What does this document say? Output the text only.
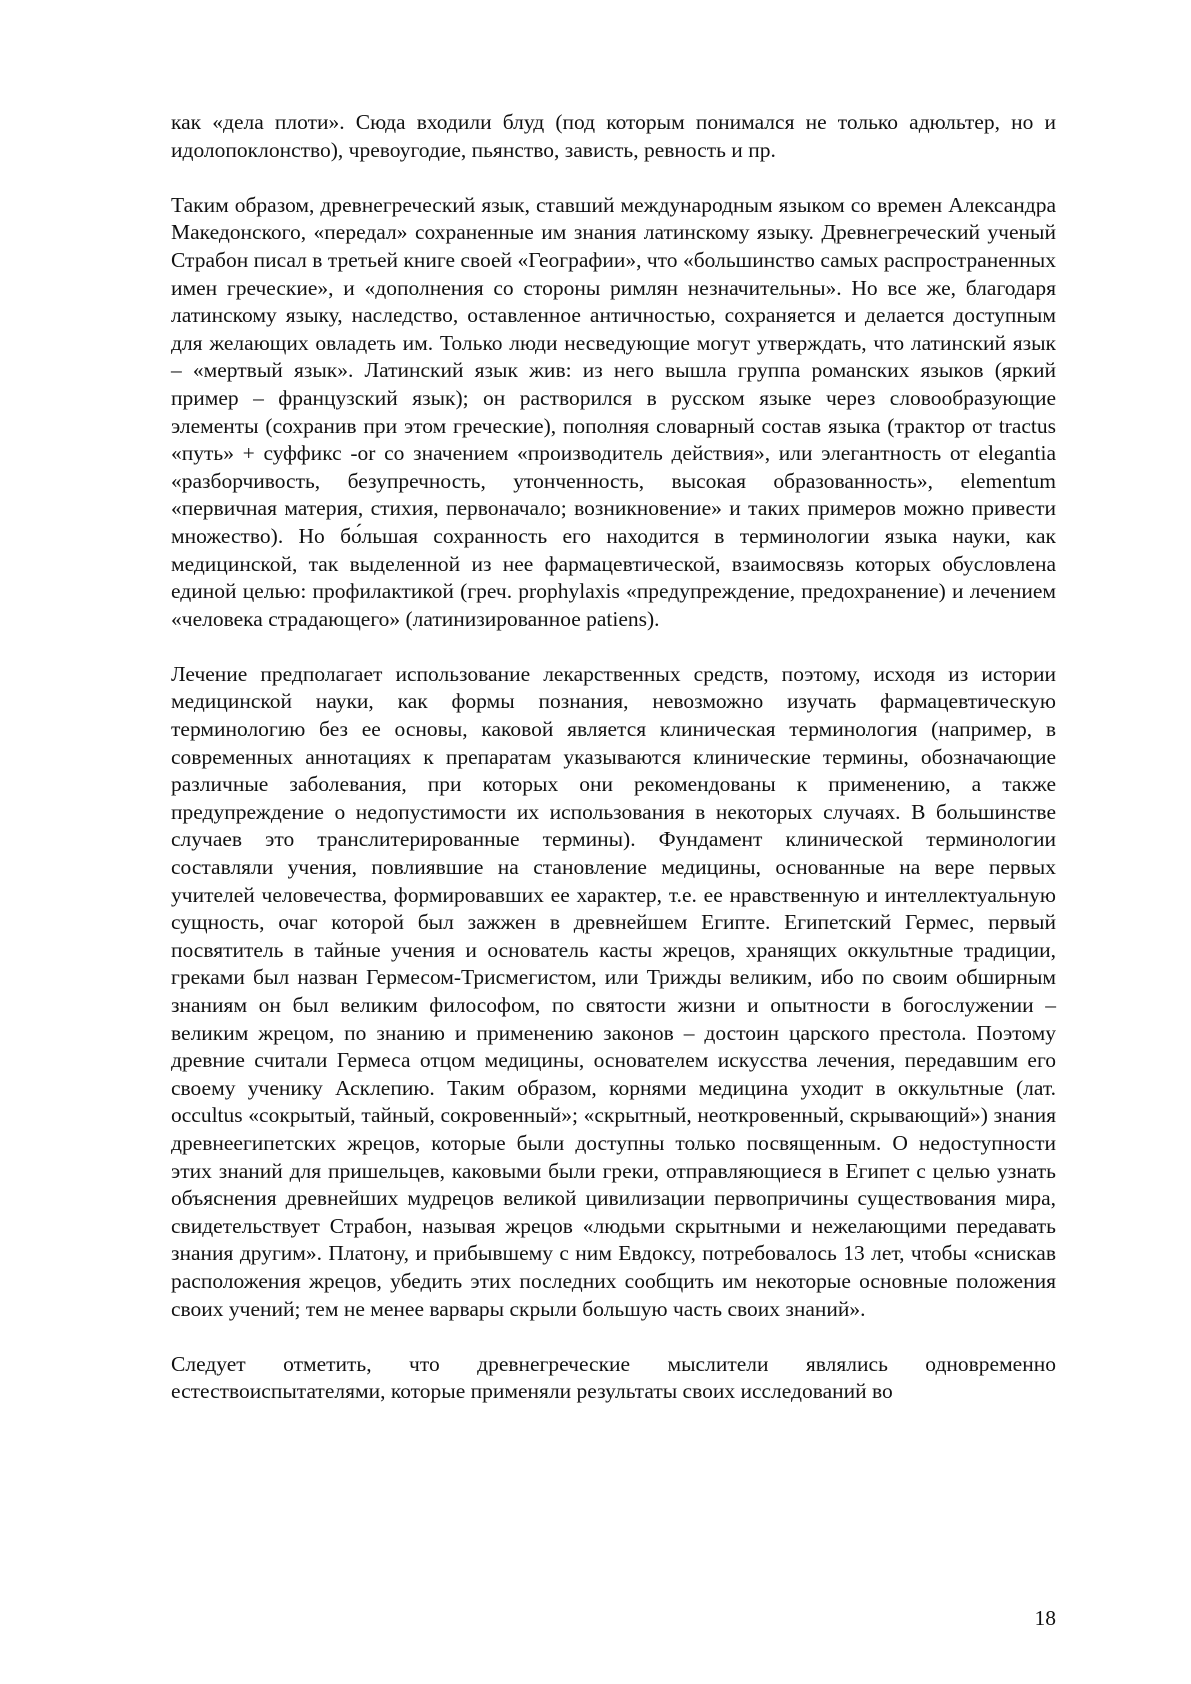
как «дела плоти». Сюда входили блуд (под которым понимался не только адюльтер, но и идолопоклонство), чревоугодие, пьянство, зависть, ревность и пр.

Таким образом, древнегреческий язык, ставший международным языком со времен Александра Македонского, «передал» сохраненные им знания латинскому языку. Древнегреческий ученый Страбон писал в третьей книге своей «Географии», что «большинство самых распространенных имен греческие», и «дополнения со стороны римлян незначительны». Но все же, благодаря латинскому языку, наследство, оставленное античностью, сохраняется и делается доступным для желающих овладеть им. Только люди несведующие могут утверждать, что латинский язык – «мертвый язык». Латинский язык жив: из него вышла группа романских языков (яркий пример – французский язык); он растворился в русском языке через словообразующие элементы (сохранив при этом греческие), пополняя словарный состав языка (трактор от tractus «путь» + суффикс -or со значением «производитель действия», или элегантность от elegantia «разборчивость, безупречность, утонченность, высокая образованность», elementum «первичная материя, стихия, первоначало; возникновение» и таких примеров можно привести множество). Но бо́льшая сохранность его находится в терминологии языка науки, как медицинской, так выделенной из нее фармацевтической, взаимосвязь которых обусловлена единой целью: профилактикой (греч. prophylaxis «предупреждение, предохранение) и лечением «человека страдающего» (латинизированное patiens).

Лечение предполагает использование лекарственных средств, поэтому, исходя из истории медицинской науки, как формы познания, невозможно изучать фармацевтическую терминологию без ее основы, каковой является клиническая терминология (например, в современных аннотациях к препаратам указываются клинические термины, обозначающие различные заболевания, при которых они рекомендованы к применению, а также предупреждение о недопустимости их использования в некоторых случаях. В большинстве случаев это транслитерированные термины). Фундамент клинической терминологии составляли учения, повлиявшие на становление медицины, основанные на вере первых учителей человечества, формировавших ее характер, т.е. ее нравственную и интеллектуальную сущность, очаг которой был зажжен в древнейшем Египте. Египетский Гермес, первый посвятитель в тайные учения и основатель касты жрецов, хранящих оккультные традиции, греками был назван Гермесом-Трисмегистом, или Трижды великим, ибо по своим обширным знаниям он был великим философом, по святости жизни и опытности в богослужении – великим жрецом, по знанию и применению законов – достоин царского престола. Поэтому древние считали Гермеса отцом медицины, основателем искусства лечения, передавшим его своему ученику Асклепию. Таким образом, корнями медицина уходит в оккультные (лат. occultus «сокрытый, тайный, сокровенный»; «скрытный, неоткровенный, скрывающий») знания древнеегипетских жрецов, которые были доступны только посвященным. О недоступности этих знаний для пришельцев, каковыми были греки, отправляющиеся в Египет с целью узнать объяснения древнейших мудрецов великой цивилизации первопричины существования мира, свидетельствует Страбон, называя жрецов «людьми скрытными и нежелающими передавать знания другим». Платону, и прибывшему с ним Евдоксу, потребовалось 13 лет, чтобы «снискав расположения жрецов, убедить этих последних сообщить им некоторые основные положения своих учений; тем не менее варвары скрыли большую часть своих знаний».

Следует отметить, что древнегреческие мыслители являлись одновременно естествоиспытателями, которые применяли результаты своих исследований во

18
